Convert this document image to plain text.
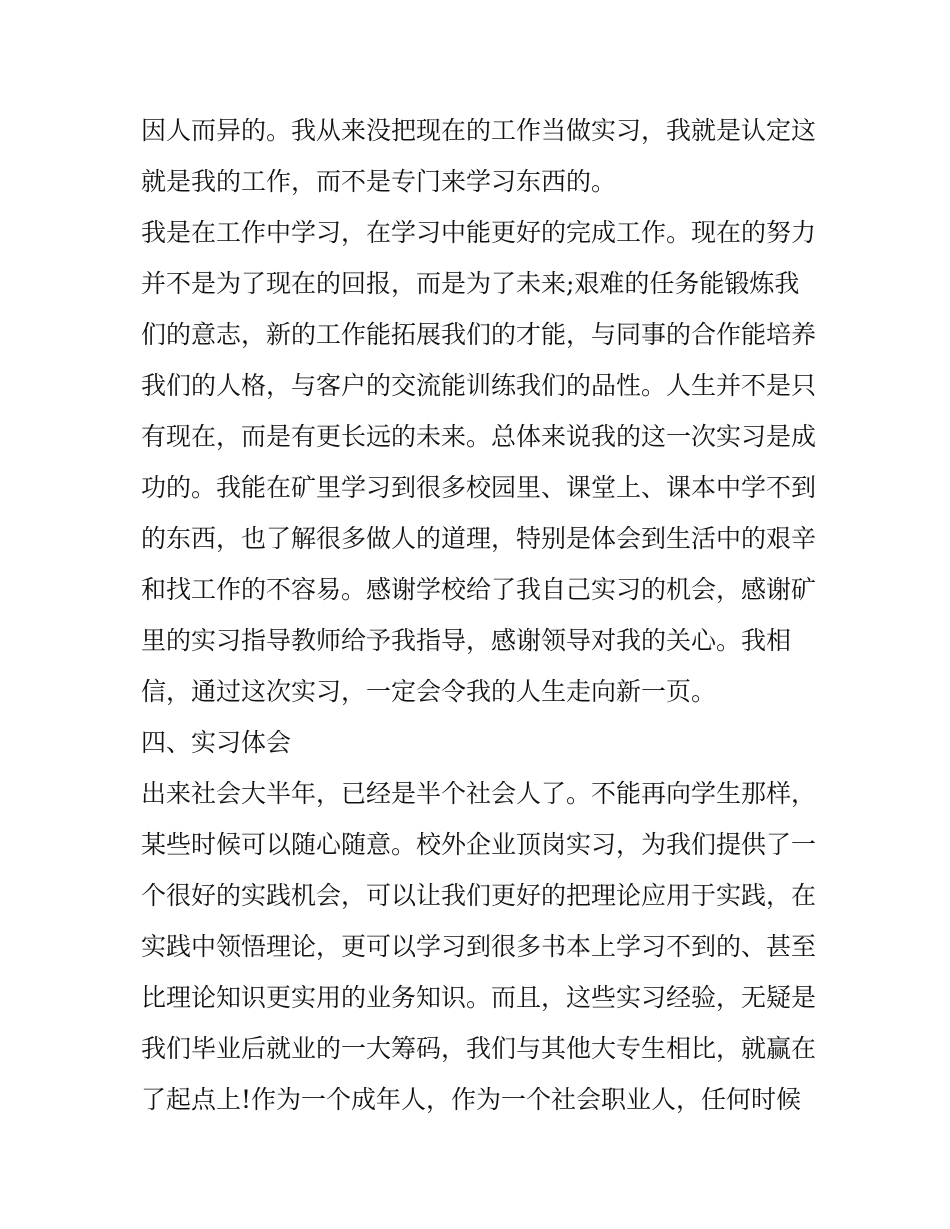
因人而异的。我从来没把现在的工作当做实习，我就是认定这
就是我的工作，而不是专门来学习东西的。
我是在工作中学习，在学习中能更好的完成工作。现在的努力
并不是为了现在的回报，而是为了未来;艰难的任务能锻炼我
们的意志，新的工作能拓展我们的才能，与同事的合作能培养
我们的人格，与客户的交流能训练我们的品性。人生并不是只
有现在，而是有更长远的未来。总体来说我的这一次实习是成
功的。我能在矿里学习到很多校园里、课堂上、课本中学不到
的东西，也了解很多做人的道理，特别是体会到生活中的艰辛
和找工作的不容易。感谢学校给了我自己实习的机会，感谢矿
里的实习指导教师给予我指导，感谢领导对我的关心。我相
信，通过这次实习，一定会令我的人生走向新一页。
四、实习体会
出来社会大半年，已经是半个社会人了。不能再向学生那样，
某些时候可以随心随意。校外企业顶岗实习，为我们提供了一
个很好的实践机会，可以让我们更好的把理论应用于实践，在
实践中领悟理论，更可以学习到很多书本上学习不到的、甚至
比理论知识更实用的业务知识。而且，这些实习经验，无疑是
我们毕业后就业的一大筹码，我们与其他大专生相比，就赢在
了起点上!作为一个成年人，作为一个社会职业人，任何时候
